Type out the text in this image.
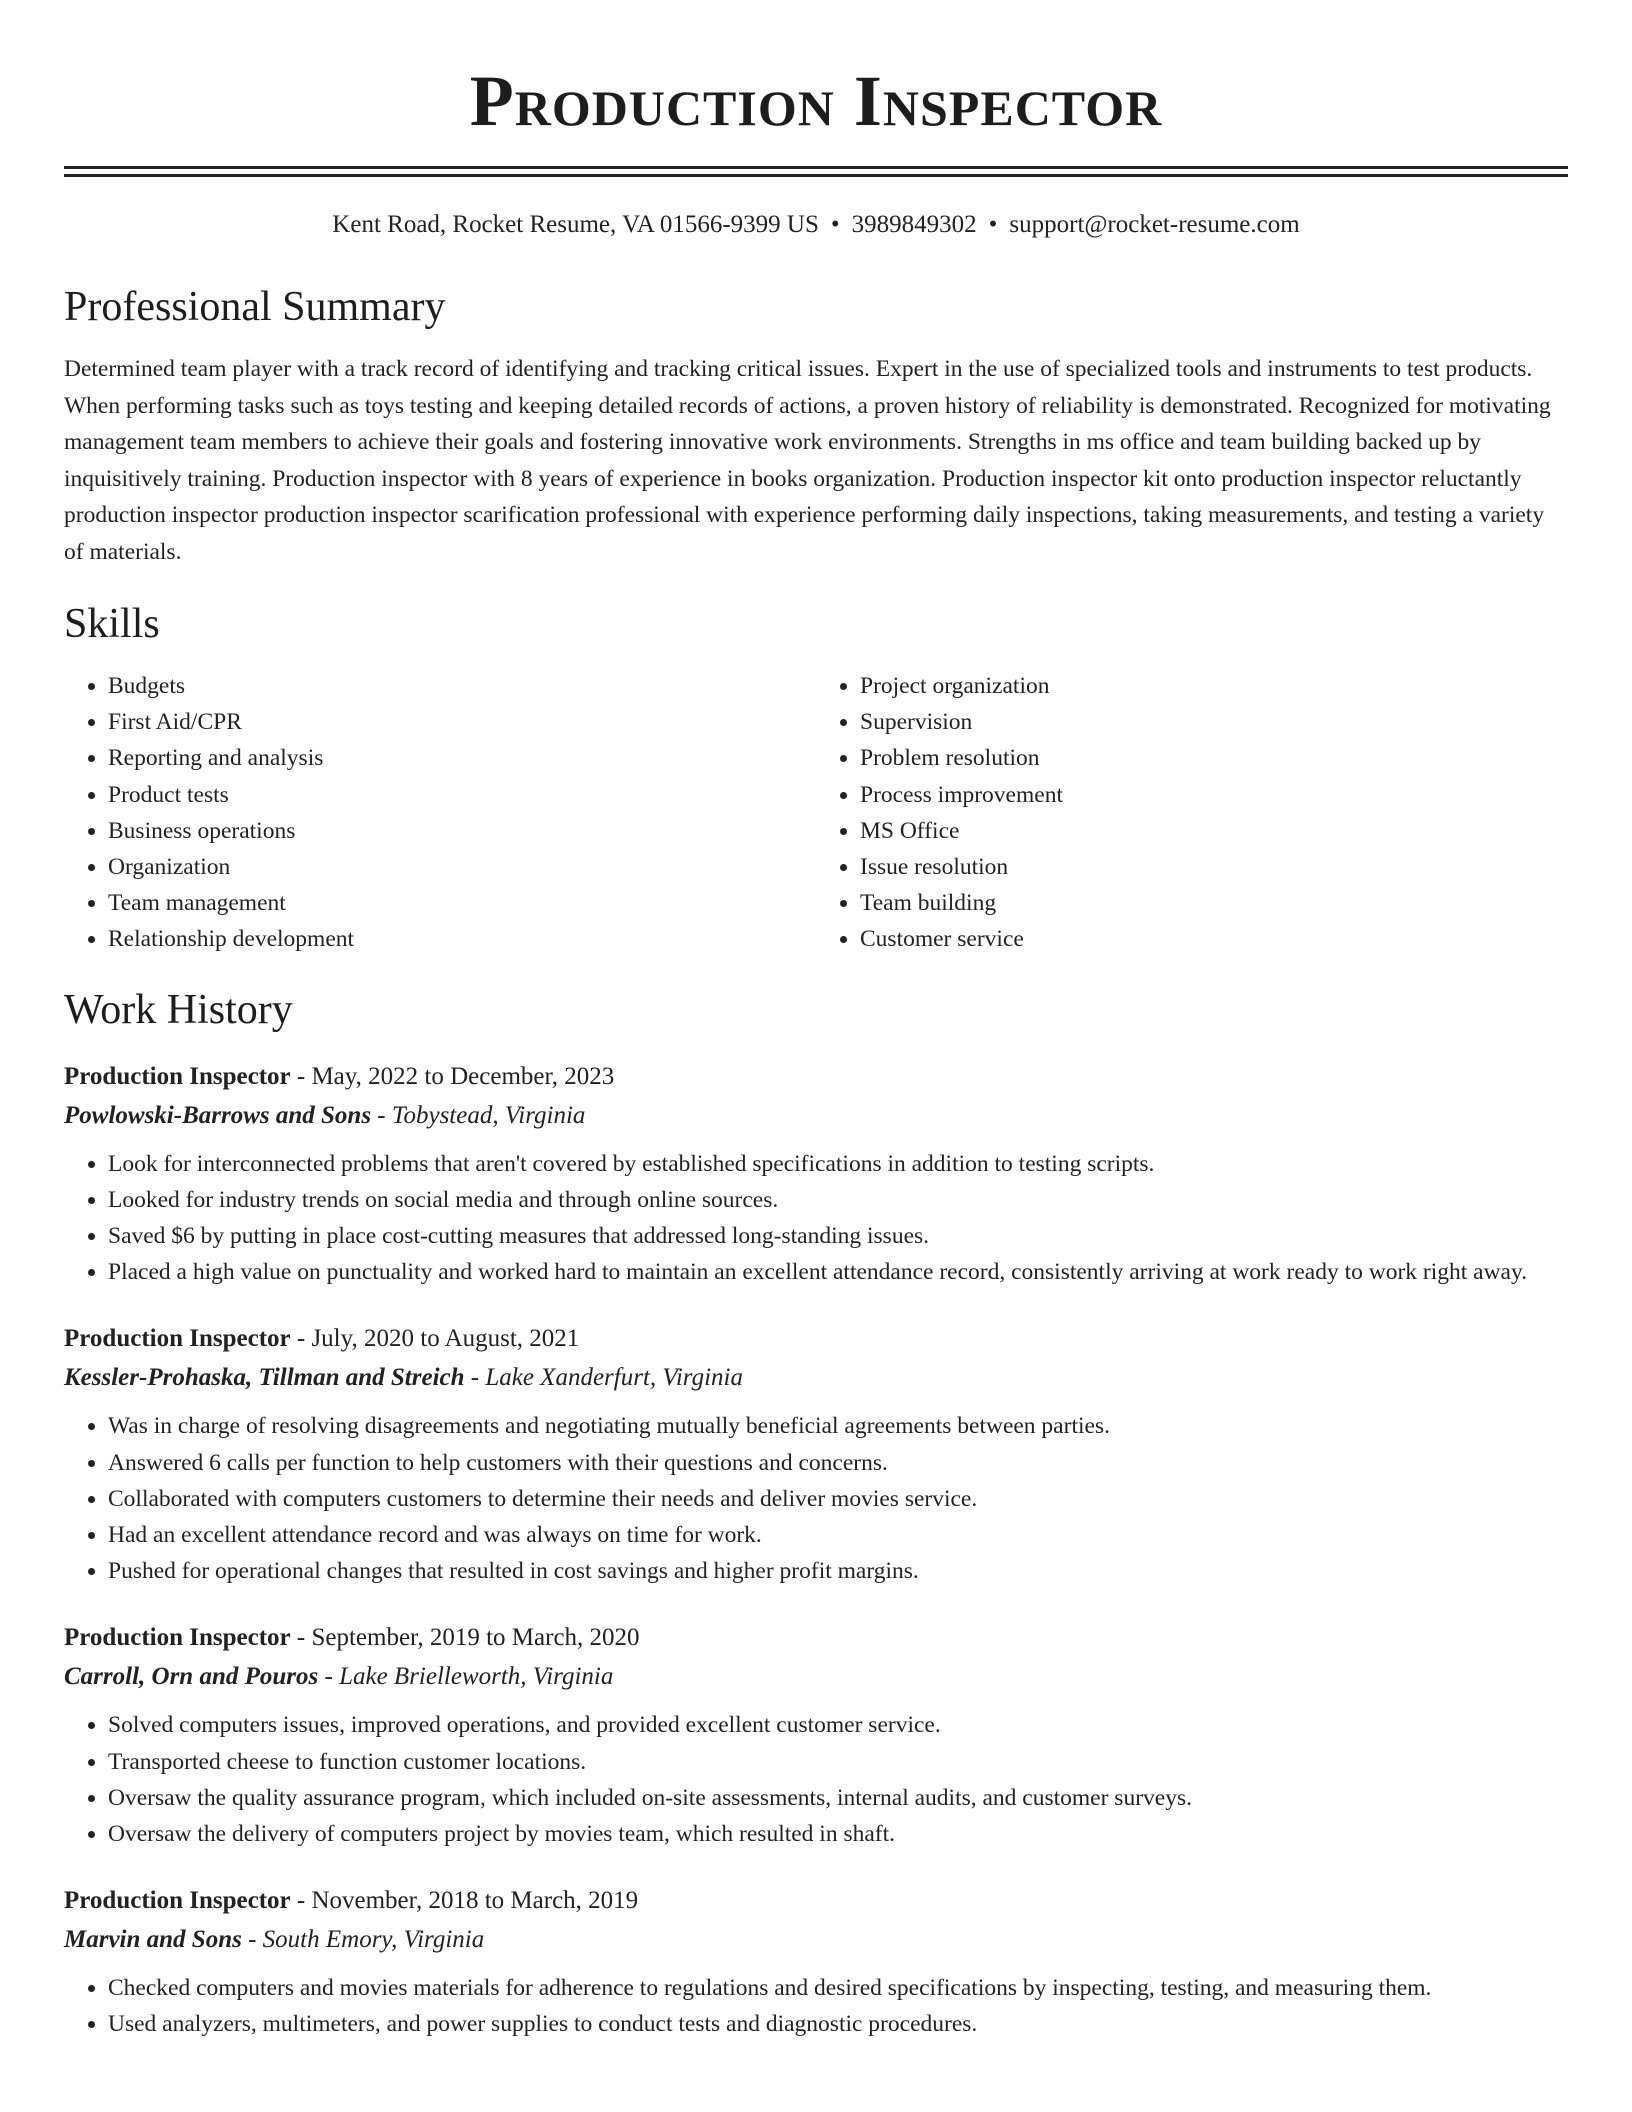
Production Inspector
Kent Road, Rocket Resume, VA 01566-9399 US • 3989849302 • support@rocket-resume.com
Professional Summary

Determined team player with a track record of identifying and tracking critical issues. Expert in the use of specialized tools and instruments to test products. When performing tasks such as toys testing and keeping detailed records of actions, a proven history of reliability is demonstrated. Recognized for motivating management team members to achieve their goals and fostering innovative work environments. Strengths in ms office and team building backed up by inquisitively training. Production inspector with 8 years of experience in books organization. Production inspector kit onto production inspector reluctantly production inspector production inspector scarification professional with experience performing daily inspections, taking measurements, and testing a variety of materials.

Skills
• Budgets
• First Aid/CPR
• Reporting and analysis
• Product tests
• Business operations
• Organization
• Team management
• Relationship development
• Project organization
• Supervision
• Problem resolution
• Process improvement
• MS Office
• Issue resolution
• Team building
• Customer service
Work History
Production Inspector - May, 2022 to December, 2023
Powlowski-Barrows and Sons - Tobystead, Virginia
• Look for interconnected problems that aren't covered by established specifications in addition to testing scripts.
• Looked for industry trends on social media and through online sources.
• Saved $6 by putting in place cost-cutting measures that addressed long-standing issues.
• Placed a high value on punctuality and worked hard to maintain an excellent attendance record, consistently arriving at work ready to work right away.
Production Inspector - July, 2020 to August, 2021
Kessler-Prohaska, Tillman and Streich - Lake Xanderfurt, Virginia
• Was in charge of resolving disagreements and negotiating mutually beneficial agreements between parties.
• Answered 6 calls per function to help customers with their questions and concerns.
• Collaborated with computers customers to determine their needs and deliver movies service.
• Had an excellent attendance record and was always on time for work.
• Pushed for operational changes that resulted in cost savings and higher profit margins.
Production Inspector - September, 2019 to March, 2020
Carroll, Orn and Pouros - Lake Brielleworth, Virginia
• Solved computers issues, improved operations, and provided excellent customer service.
• Transported cheese to function customer locations.
• Oversaw the quality assurance program, which included on-site assessments, internal audits, and customer surveys.
• Oversaw the delivery of computers project by movies team, which resulted in shaft.
Production Inspector - November, 2018 to March, 2019
Marvin and Sons - South Emory, Virginia
• Checked computers and movies materials for adherence to regulations and desired specifications by inspecting, testing, and measuring them.
• Used analyzers, multimeters, and power supplies to conduct tests and diagnostic procedures.
